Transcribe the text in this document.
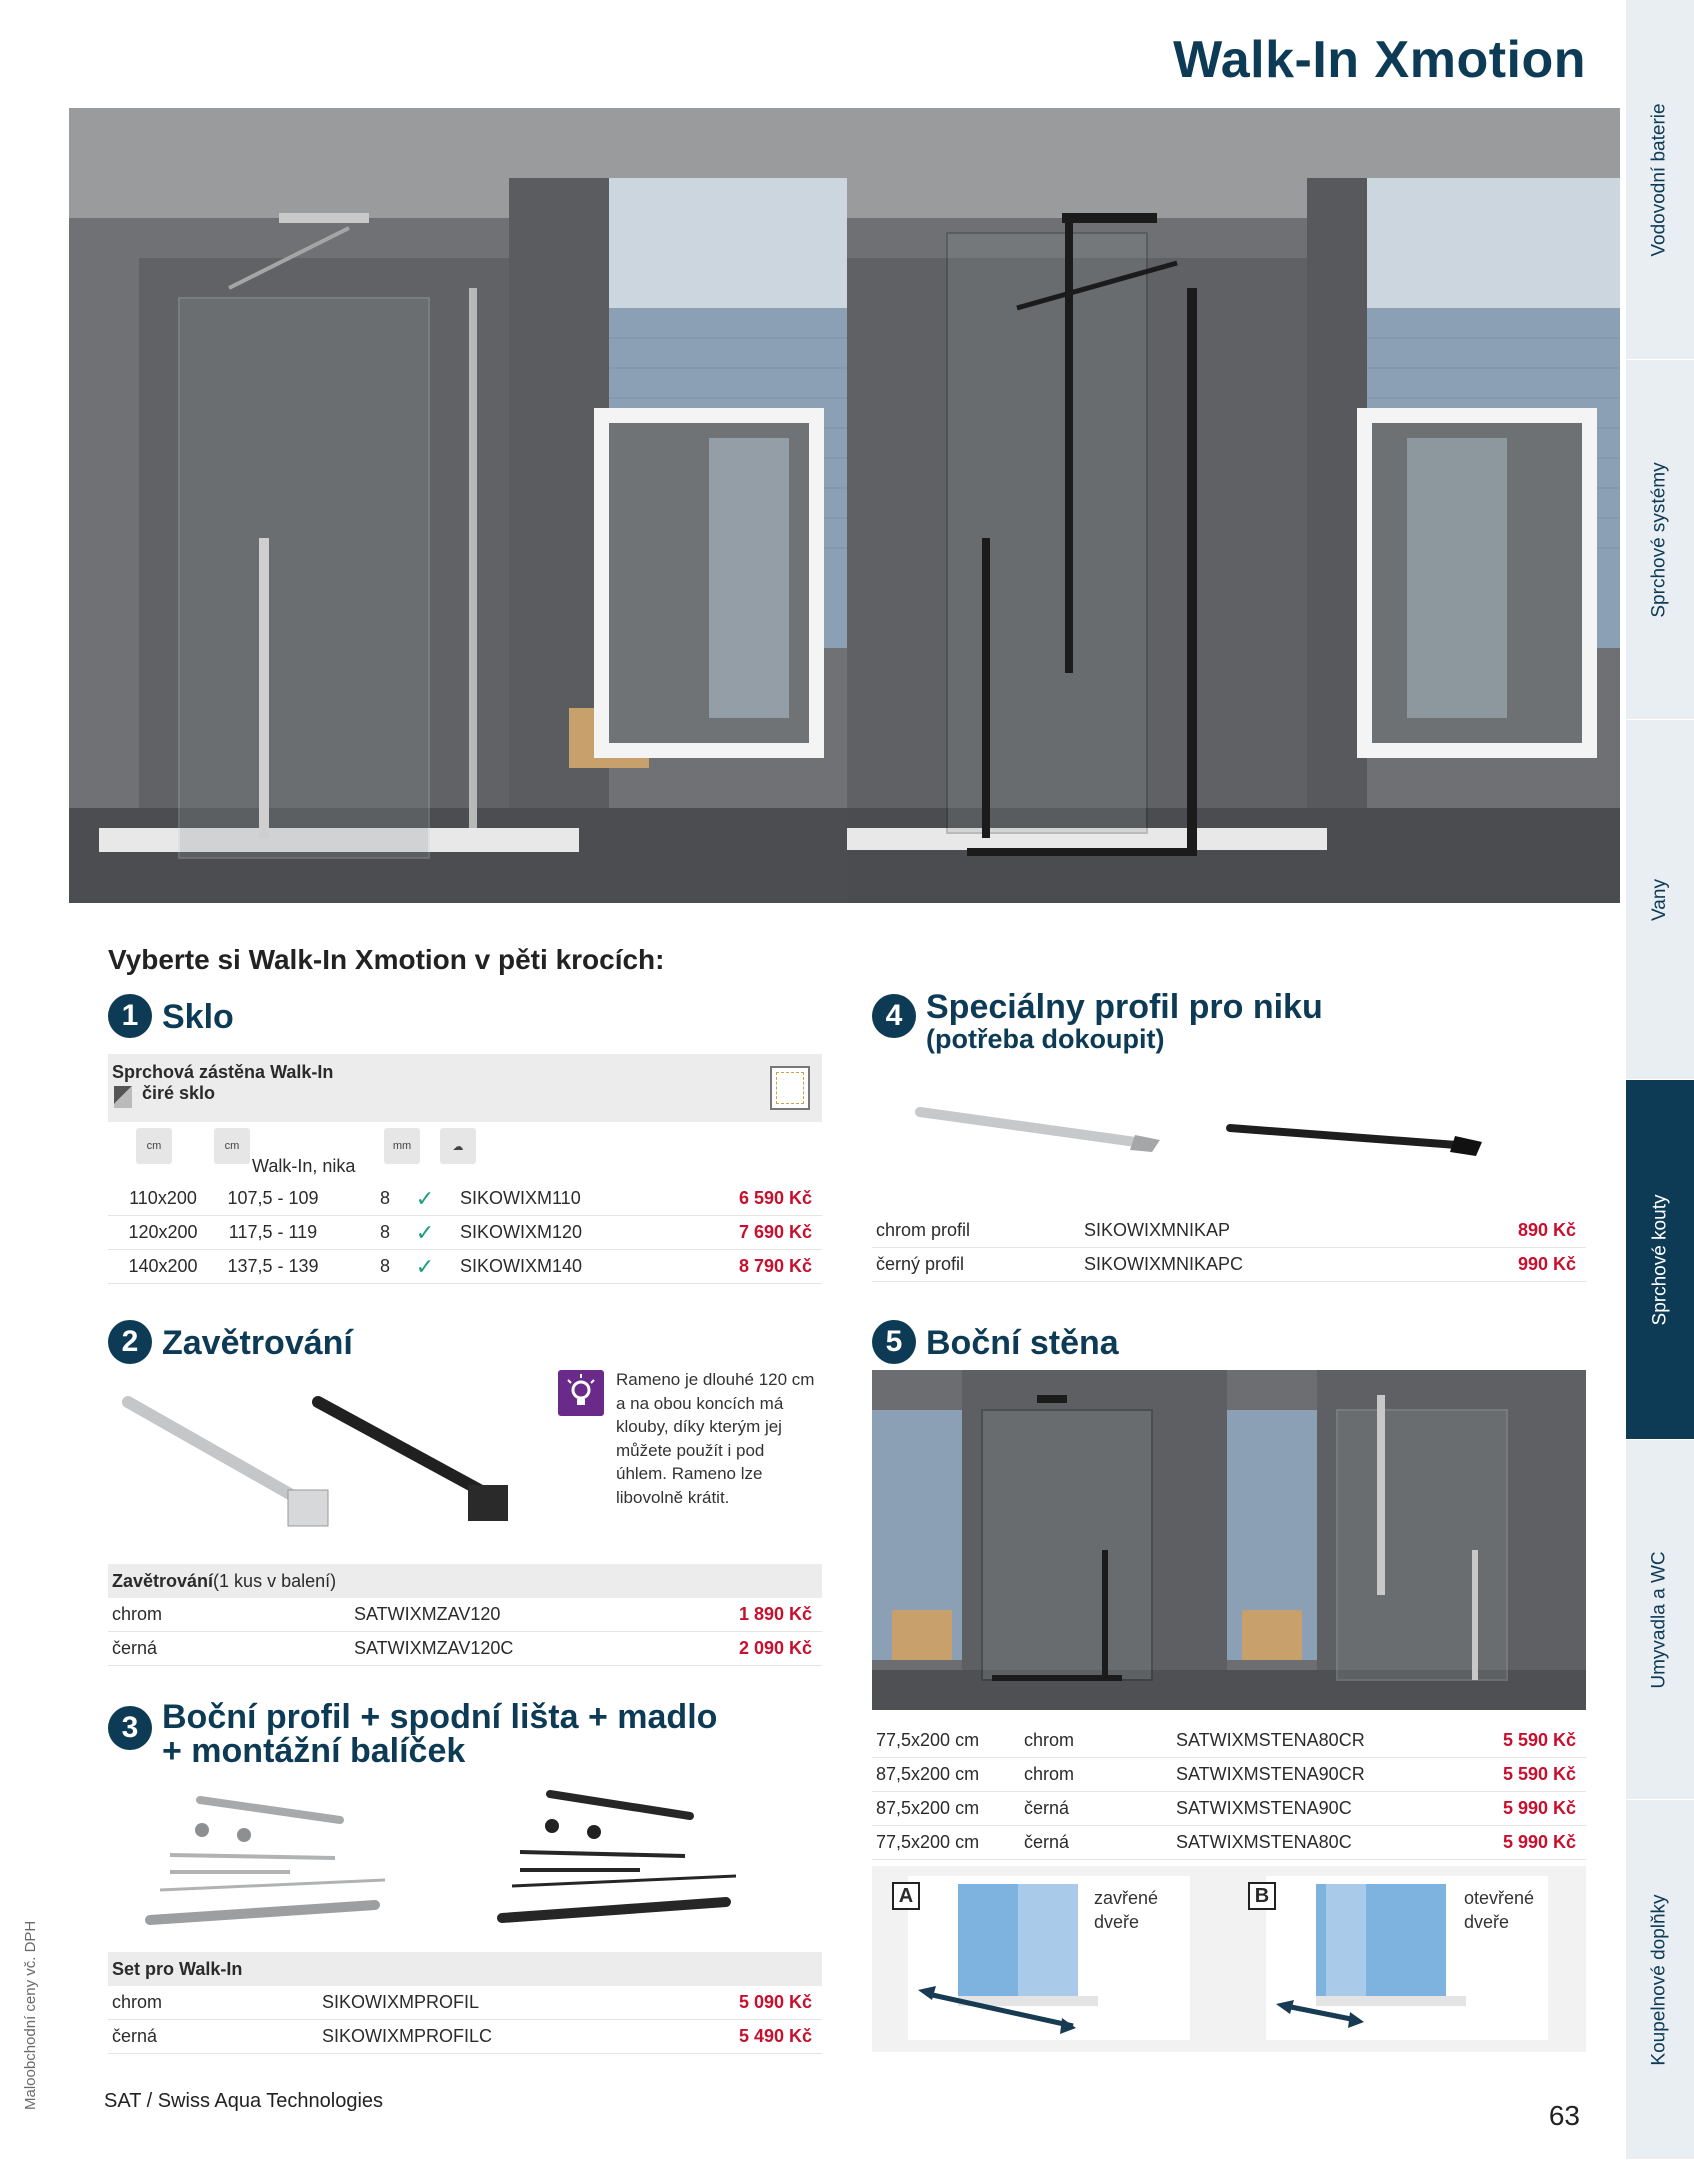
Walk-In Xmotion
Vodovodní baterie
Sprchové systémy
Vany
Sprchové kouty
Umyvadla a WC
Koupelnové doplňky
Vyberte si Walk-In Xmotion v pěti krocích:
1 Sklo
Sprchová zástěna Walk-In
čiré sklo
cm	cm
Walk-In, nika
mm	☁
110x200	107,5 - 109	8	✓	SIKOWIXM110	6 590 Kč
120x200	117,5 - 119	8	✓	SIKOWIXM120	7 690 Kč
140x200	137,5 - 139	8	✓	SIKOWIXM140	8 790 Kč
2 Zavětrování
Rameno je dlouhé 120 cm a na obou koncích má klouby, díky kterým jej můžete použít i pod úhlem. Rameno lze libovolně krátit.
Zavětrování (1 kus v balení)
chrom	SATWIXMZAV120	1 890 Kč
černá	SATWIXMZAV120C	2 090 Kč
3 Boční profil + spodní lišta + madlo
+ montážní balíček
Set pro Walk-In
chrom	SIKOWIXMPROFIL	5 090 Kč
černá	SIKOWIXMPROFILC	5 490 Kč
4 Speciálny profil pro niku
(potřeba dokoupit)
chrom profil	SIKOWIXMNIKAP	890 Kč
černý profil	SIKOWIXMNIKAPC	990 Kč
5 Boční stěna
77,5x200 cm	chrom	SATWIXMSTENA80CR	5 590 Kč
87,5x200 cm	chrom	SATWIXMSTENA90CR	5 590 Kč
87,5x200 cm	černá	SATWIXMSTENA90C	5 990 Kč
77,5x200 cm	černá	SATWIXMSTENA80C	5 990 Kč
A	zavřené dveře
B	otevřené dveře
Maloobchodní ceny vč. DPH	SAT / Swiss Aqua Technologies	63
